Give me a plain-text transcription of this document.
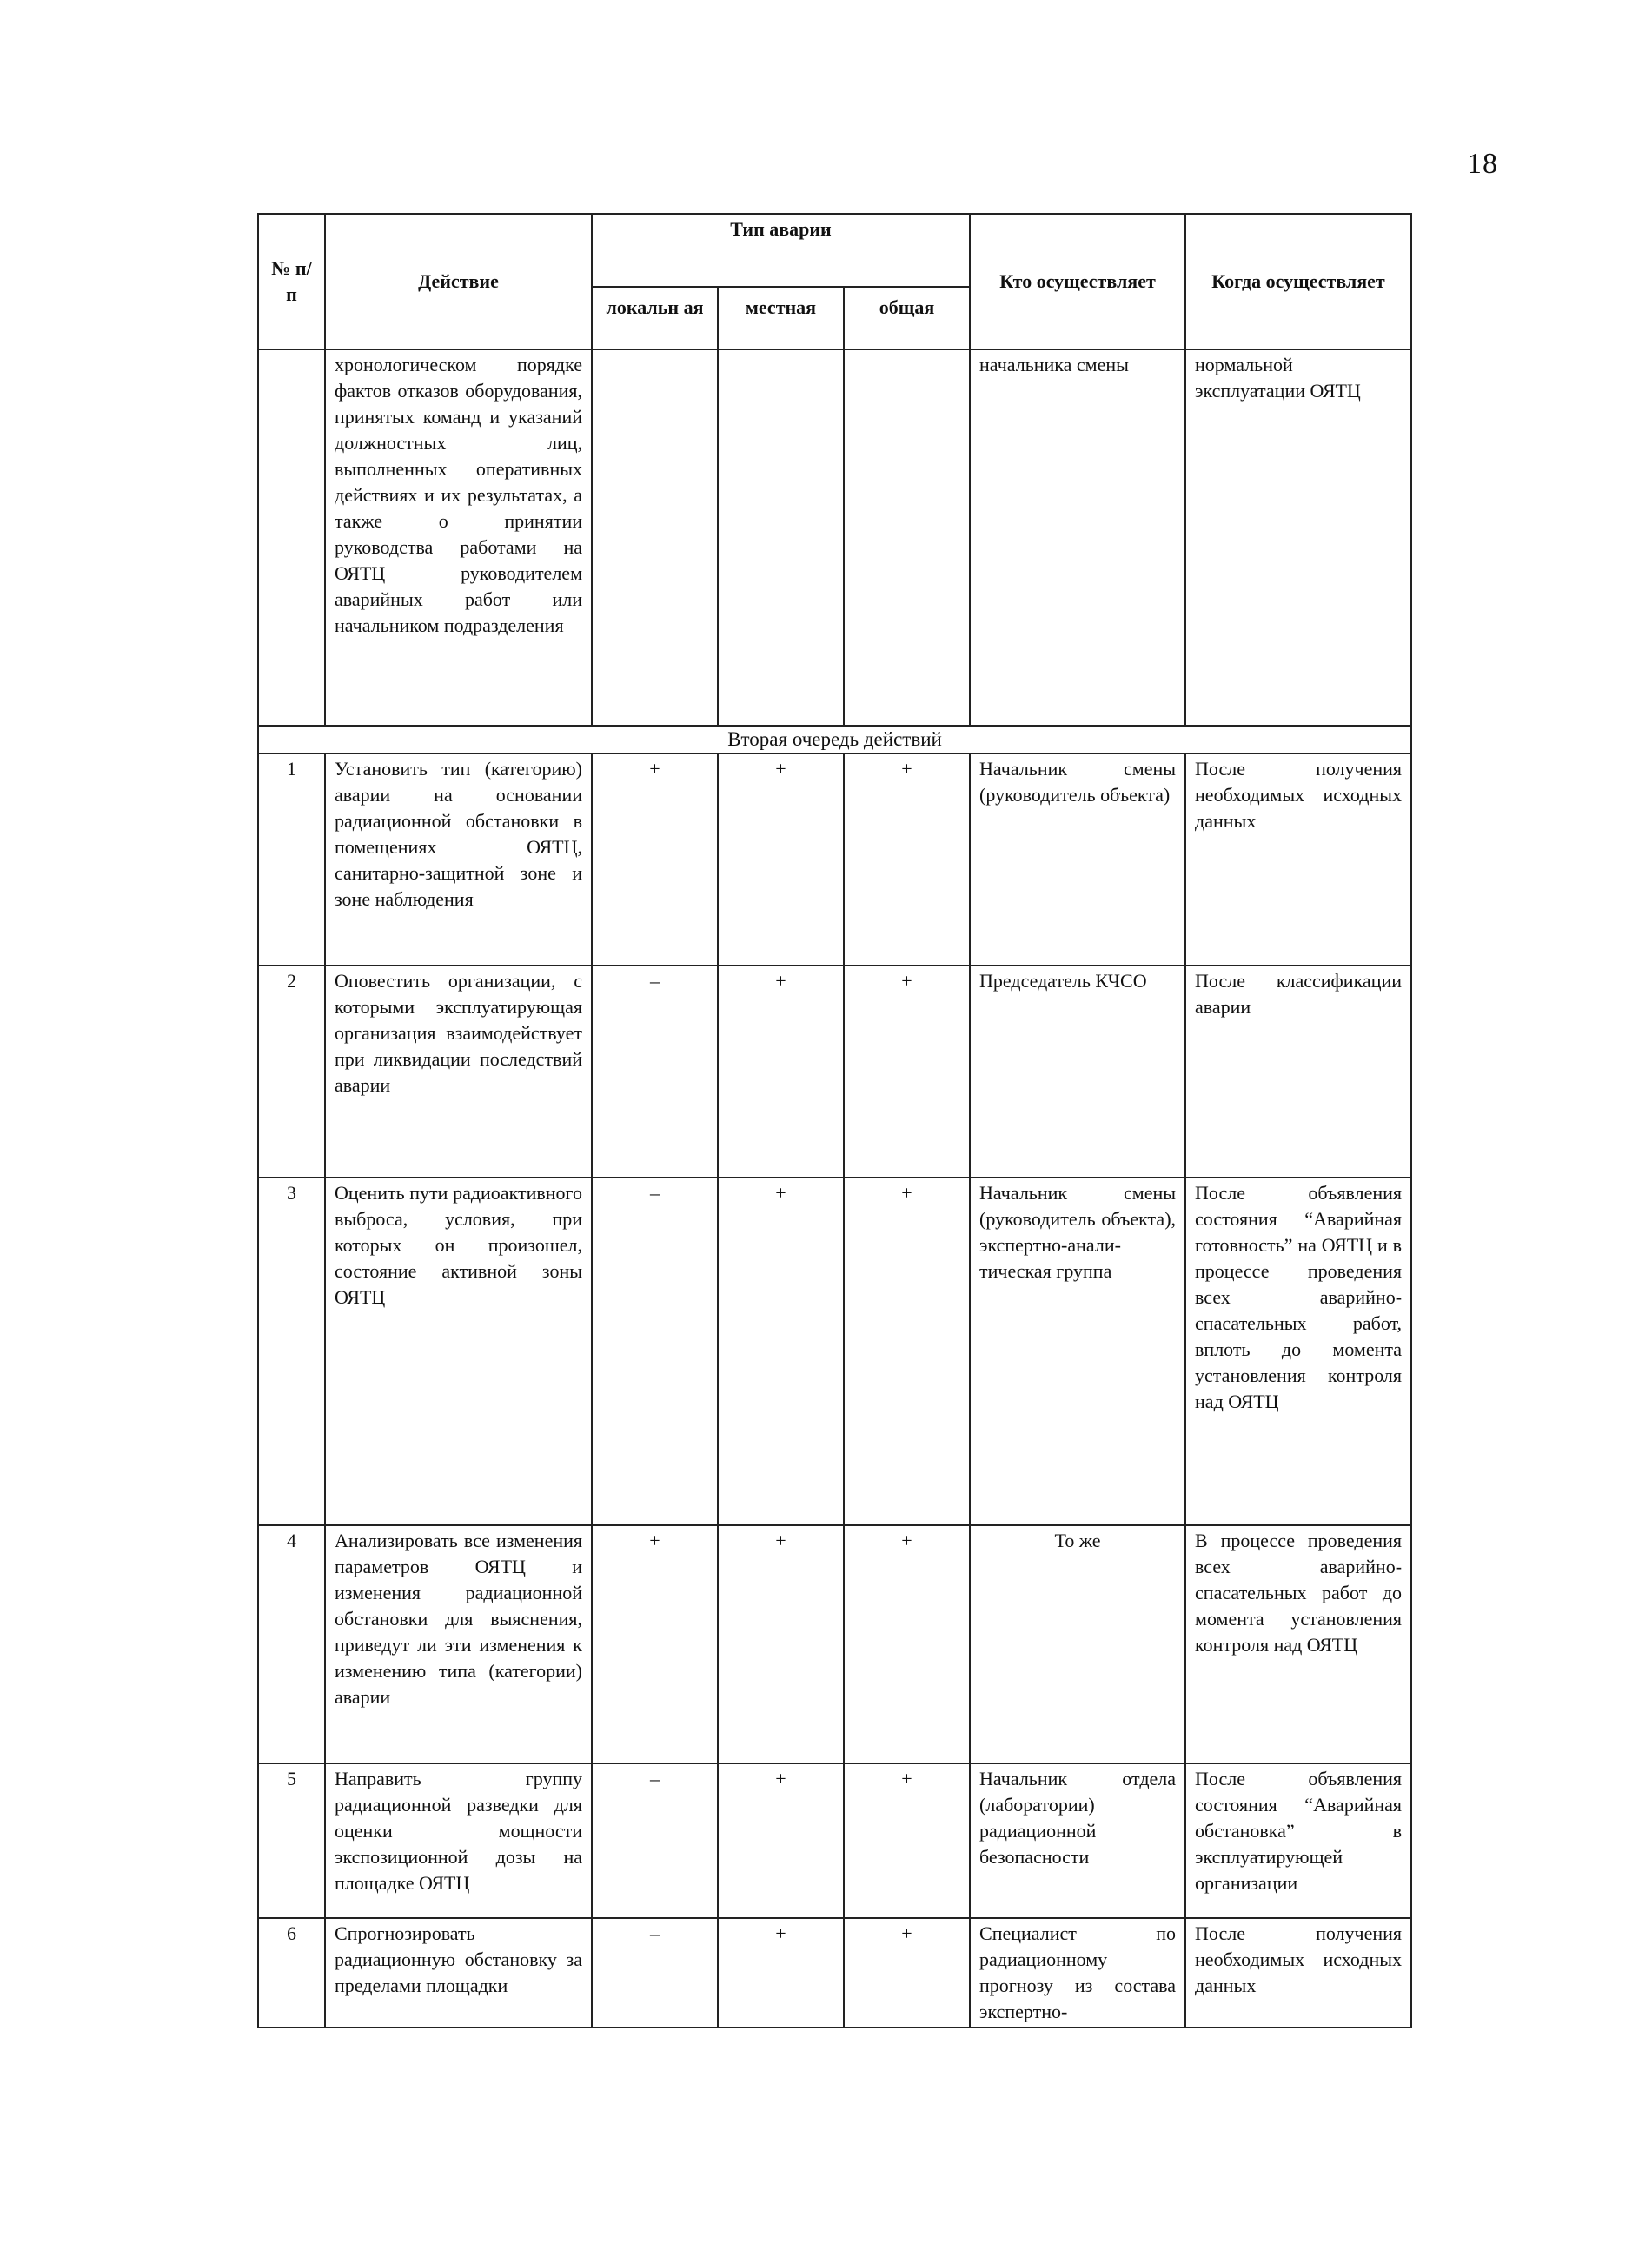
18
№ п/п	Действие	Тип аварии			Кто осуществляет	Когда осуществляет
		локальн ая	местная	общая		
	хронологическом порядке фактов отказов оборудования, принятых команд и указаний должностных лиц, выполненных оперативных действиях и их результатах, а также о принятии руководства работами на ОЯТЦ руководителем аварийных работ или начальником подразделения				начальника смены	нормальной эксплуатации ОЯТЦ
Вторая очередь действий						
1	Установить тип (категорию) аварии на основании радиационной обстановки в помещениях ОЯТЦ, санитарно-защитной зоне и зоне наблюдения	+	+	+	Начальник смены (руководитель объекта)	После получения необходимых исходных данных
2	Оповестить организации, с которыми эксплуатирующая организация взаимодействует при ликвидации последствий аварии	–	+	+	Председатель КЧСО	После классификации аварии
3	Оценить пути радиоактивного выброса, условия, при которых он произошел, состояние активной зоны ОЯТЦ	–	+	+	Начальник смены (руководитель объекта), экспертно-анали-тическая группа	После объявления состояния “Аварийная готовность” на ОЯТЦ и в процессе проведения всех аварийно-спасательных работ, вплоть до момента установления контроля над ОЯТЦ
4	Анализировать все изменения параметров ОЯТЦ и изменения радиационной обстановки для выяснения, приведут ли эти изменения к изменению типа (категории) аварии	+	+	+	То же	В процессе проведения всех аварийно-спасательных работ до момента установления контроля над ОЯТЦ
5	Направить группу радиационной разведки для оценки мощности экспозиционной дозы на площадке ОЯТЦ	–	+	+	Начальник отдела (лаборатории) радиационной безопасности	После объявления состояния “Аварийная обстановка” в эксплуатирующей организации
6	Спрогнозировать радиационную обстановку за пределами площадки	–	+	+	Специалист по радиационному прогнозу из состава экспертно-	После получения необходимых исходных данных
